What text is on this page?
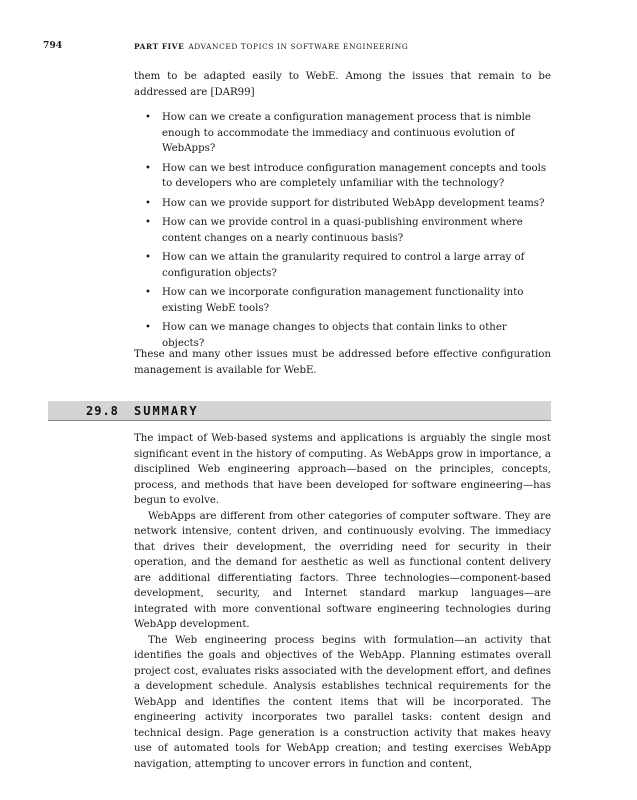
794	PART FIVE ADVANCED TOPICS IN SOFTWARE ENGINEERING

them to be adapted easily to WebE. Among the issues that remain to be addressed are [DAR99]

• How can we create a configuration management process that is nimble enough to accommodate the immediacy and continuous evolution of WebApps?
• How can we best introduce configuration management concepts and tools to developers who are completely unfamiliar with the technology?
• How can we provide support for distributed WebApp development teams?
• How can we provide control in a quasi-publishing environment where content changes on a nearly continuous basis?
• How can we attain the granularity required to control a large array of configuration objects?
• How can we incorporate configuration management functionality into existing WebE tools?
• How can we manage changes to objects that contain links to other objects?

These and many other issues must be addressed before effective configuration management is available for WebE.

29.8 SUMMARY

The impact of Web-based systems and applications is arguably the single most significant event in the history of computing. As WebApps grow in importance, a disciplined Web engineering approach—based on the principles, concepts, process, and methods that have been developed for software engineering—has begun to evolve.

WebApps are different from other categories of computer software. They are network intensive, content driven, and continuously evolving. The immediacy that drives their development, the overriding need for security in their operation, and the demand for aesthetic as well as functional content delivery are additional differentiating factors. Three technologies—component-based development, security, and Internet standard markup languages—are integrated with more conventional software engineering technologies during WebApp development.

The Web engineering process begins with formulation—an activity that identifies the goals and objectives of the WebApp. Planning estimates overall project cost, evaluates risks associated with the development effort, and defines a development schedule. Analysis establishes technical requirements for the WebApp and identifies the content items that will be incorporated. The engineering activity incorporates two parallel tasks: content design and technical design. Page generation is a construction activity that makes heavy use of automated tools for WebApp creation; and testing exercises WebApp navigation, attempting to uncover errors in function and content,
